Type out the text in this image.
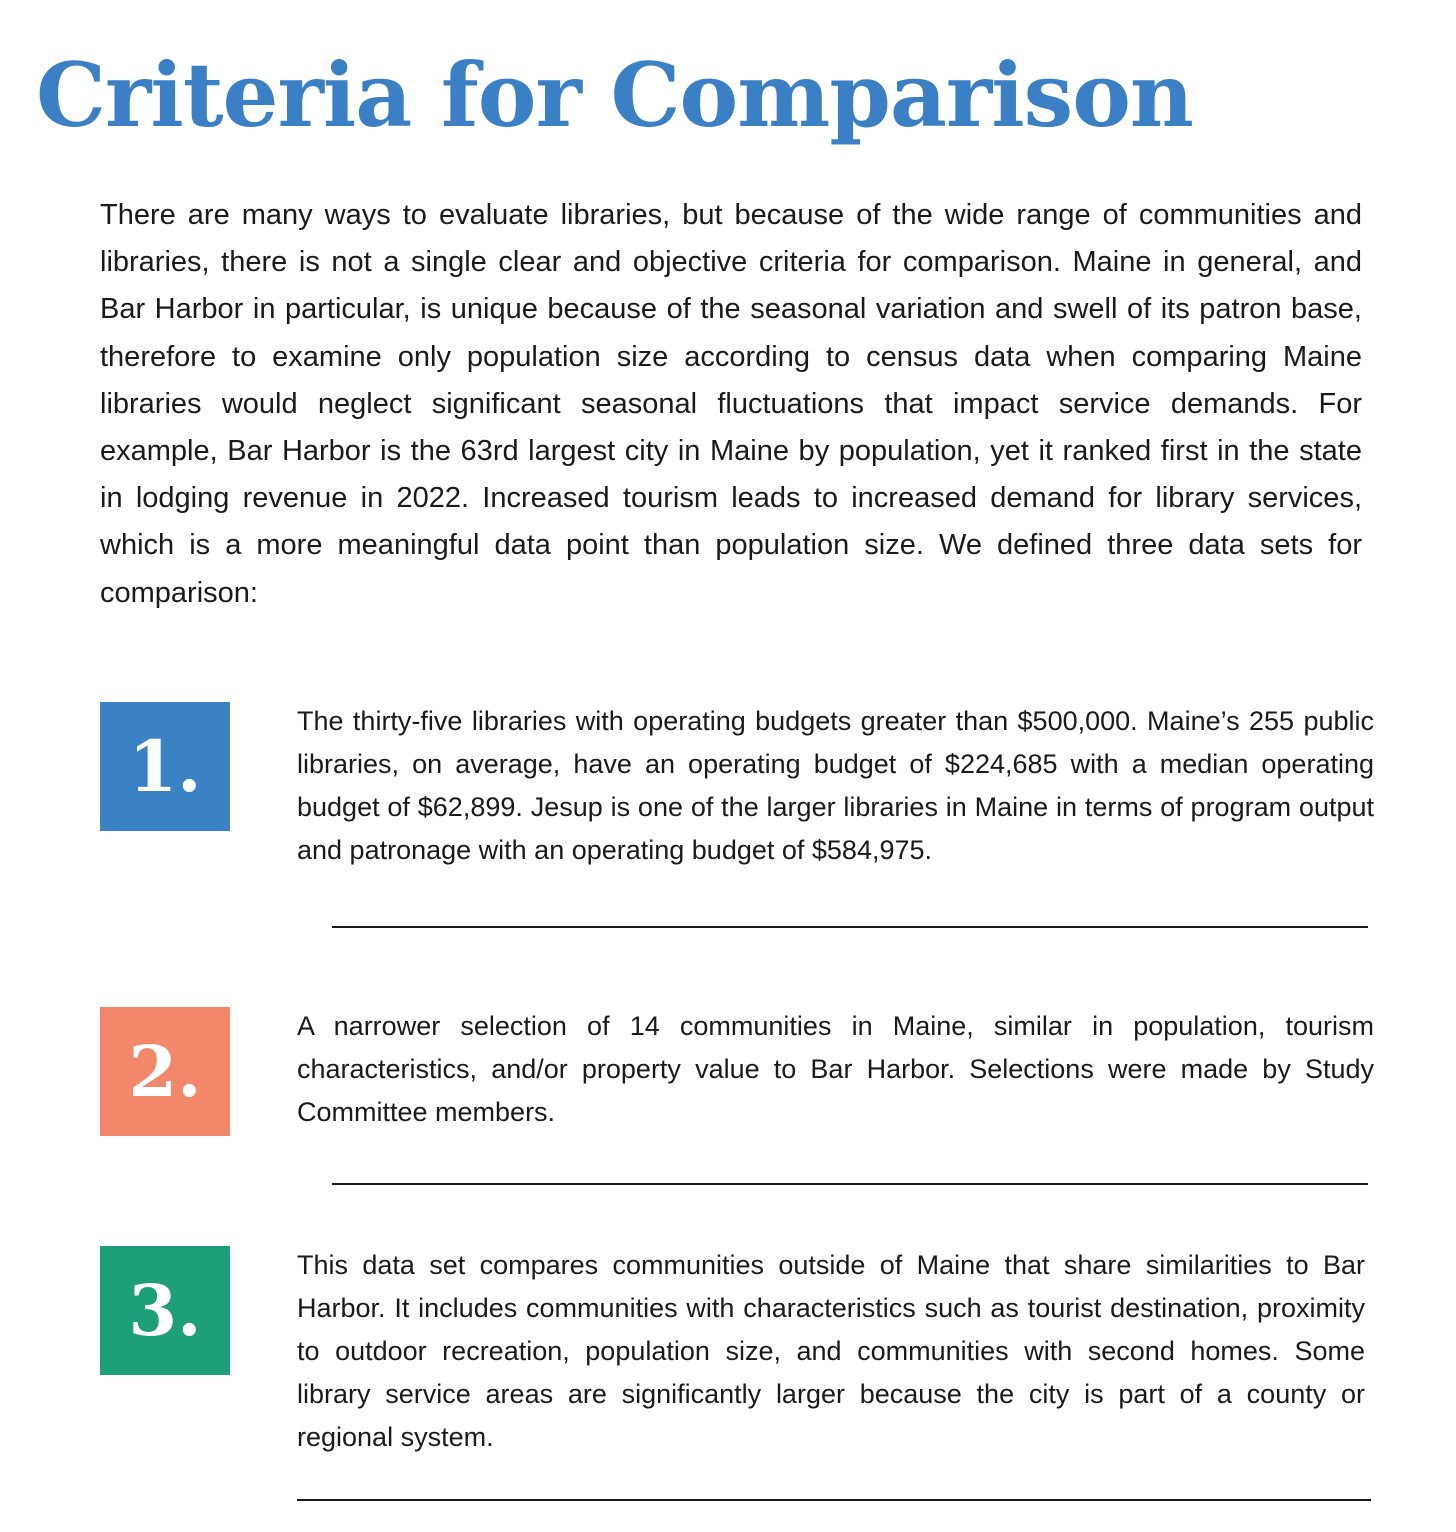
Criteria for Comparison

There are many ways to evaluate libraries, but because of the wide range of communities and libraries, there is not a single clear and objective criteria for comparison. Maine in general, and Bar Harbor in particular, is unique because of the seasonal variation and swell of its patron base, therefore to examine only population size according to census data when comparing Maine libraries would neglect significant seasonal fluctuations that impact service demands. For example, Bar Harbor is the 63rd largest city in Maine by population, yet it ranked first in the state in lodging revenue in 2022. Increased tourism leads to increased demand for library services, which is a more meaningful data point than population size. We defined three data sets for comparison:

1.

The thirty-five libraries with operating budgets greater than $500,000. Maine’s 255 public libraries, on average, have an operating budget of $224,685 with a median operating budget of $62,899. Jesup is one of the larger libraries in Maine in terms of program output and patronage with an operating budget of $584,975.

2.

A narrower selection of 14 communities in Maine, similar in population, tourism characteristics, and/or property value to Bar Harbor. Selections were made by Study Committee members.

3.

This data set compares communities outside of Maine that share similarities to Bar Harbor. It includes communities with characteristics such as tourist destination, proximity to outdoor recreation, population size, and communities with second homes. Some library service areas are significantly larger because the city is part of a county or regional system.
